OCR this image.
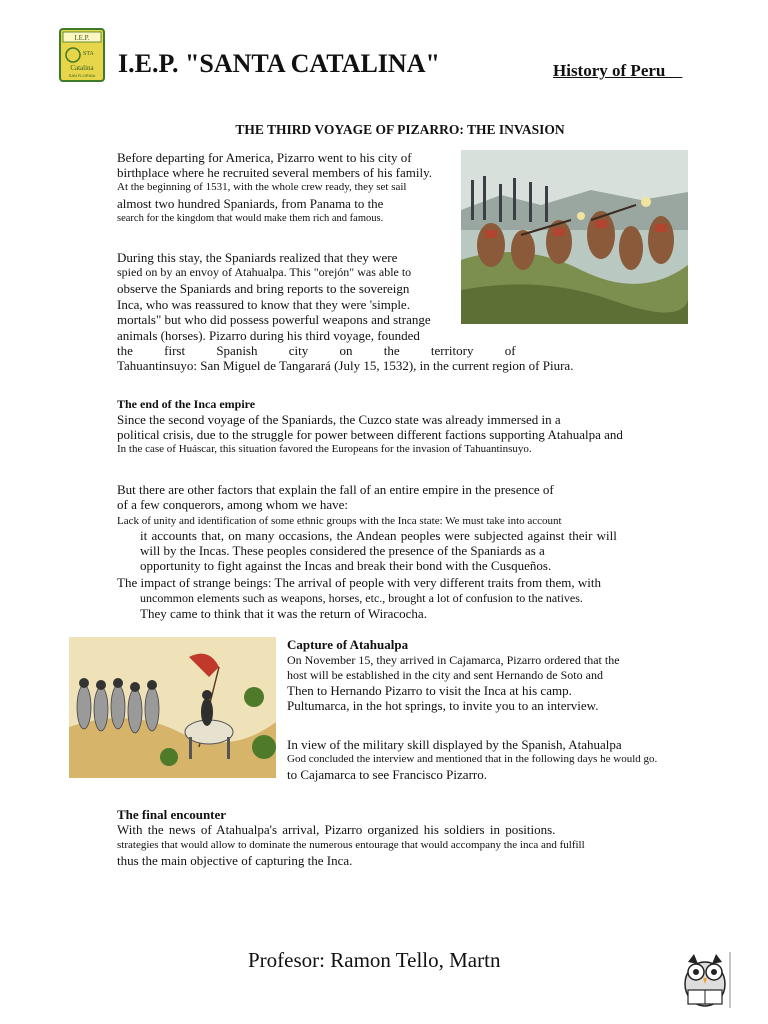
I.E.P.
STA
Catalina
SAN FLORIDA I.E.P. "SANTA CATALINA"	History of Peru
THE THIRD VOYAGE OF PIZARRO: THE INVASION
Before departing for America, Pizarro went to his city of
birthplace where he recruited several members of his family.
At the beginning of 1531, with the whole crew ready, they set sail
almost two hundred Spaniards, from Panama to the
search for the kingdom that would make them rich and famous.
During this stay, the Spaniards realized that they were
spied on by an envoy of Atahualpa. This "orejón" was able to
observe the Spaniards and bring reports to the sovereign
Inca, who was reassured to know that they were 'simple.
mortals" but who did possess powerful weapons and strange
animals (horses). Pizarro during his third voyage, founded
the first Spanish city on the territory of
Tahuantinsuyo: San Miguel de Tangarará (July 15, 1532), in the current region of Piura.
The end of the Inca empire
Since the second voyage of the Spaniards, the Cuzco state was already immersed in a
political crisis, due to the struggle for power between different factions supporting Atahualpa and
In the case of Huáscar, this situation favored the Europeans for the invasion of Tahuantinsuyo.
But there are other factors that explain the fall of an entire empire in the presence of
of a few conquerors, among whom we have:
Lack of unity and identification of some ethnic groups with the Inca state: We must take into account
it accounts that, on many occasions, the Andean peoples were subjected against their will
will by the Incas. These peoples considered the presence of the Spaniards as a
opportunity to fight against the Incas and break their bond with the Cusqueños.
The impact of strange beings: The arrival of people with very different traits from them, with
uncommon elements such as weapons, horses, etc., brought a lot of confusion to the natives.
They came to think that it was the return of Wiracocha.
Capture of Atahualpa
On November 15, they arrived in Cajamarca, Pizarro ordered that the
host will be established in the city and sent Hernando de Soto and
Then to Hernando Pizarro to visit the Inca at his camp.
Pultumarca, in the hot springs, to invite you to an interview.
In view of the military skill displayed by the Spanish, Atahualpa
God concluded the interview and mentioned that in the following days he would go.
to Cajamarca to see Francisco Pizarro.
The final encounter
With the news of Atahualpa's arrival, Pizarro organized his soldiers in positions.
strategies that would allow to dominate the numerous entourage that would accompany the inca and fulfill
thus the main objective of capturing the Inca.
Profesor: Ramon Tello, Martn
